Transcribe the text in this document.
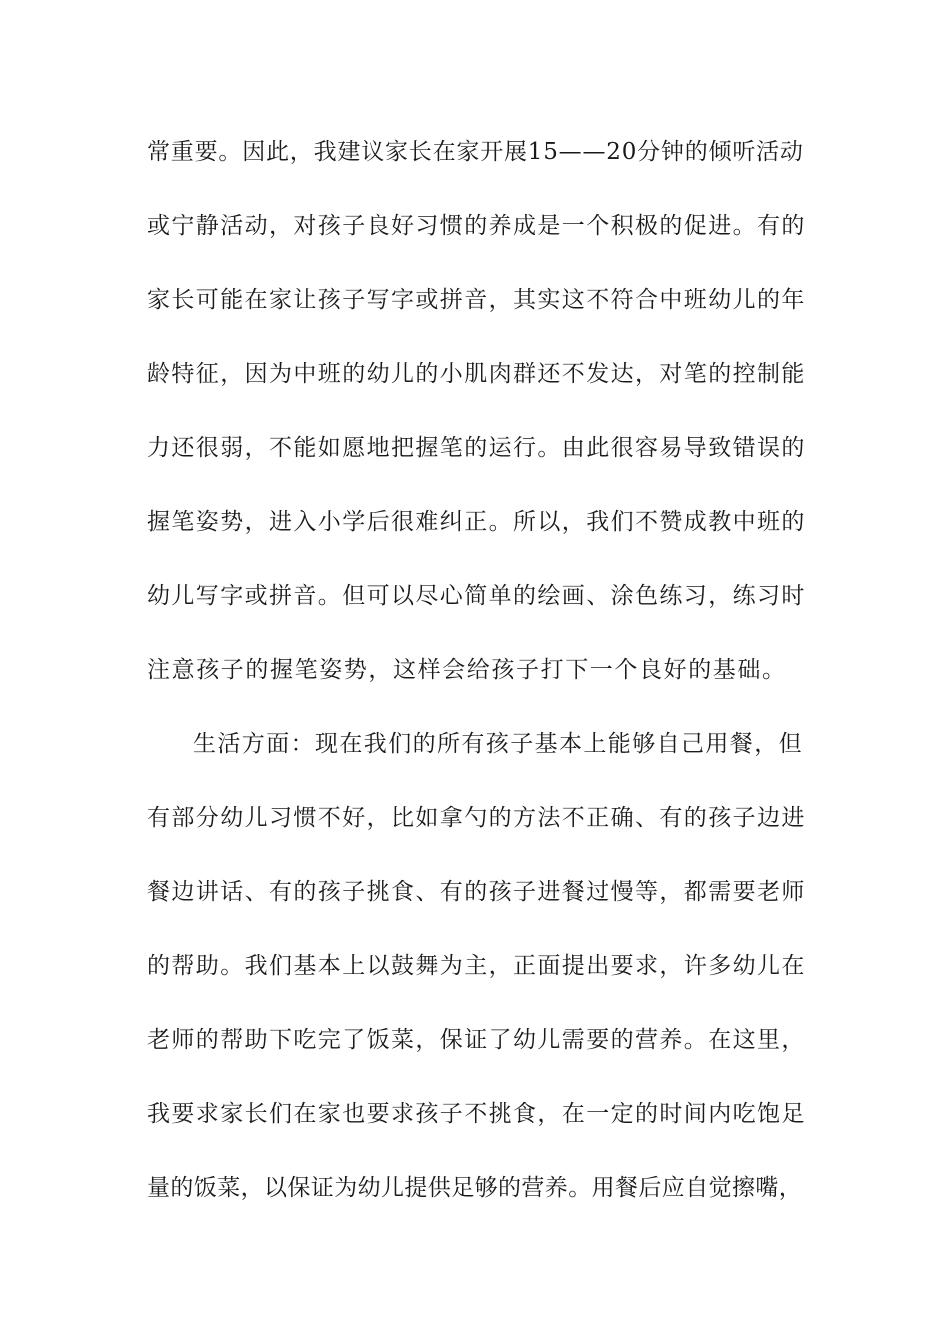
常重要。因此，我建议家长在家开展15——20分钟的倾听活动
或宁静活动，对孩子良好习惯的养成是一个积极的促进。有的
家长可能在家让孩子写字或拼音，其实这不符合中班幼儿的年
龄特征，因为中班的幼儿的小肌肉群还不发达，对笔的控制能
力还很弱，不能如愿地把握笔的运行。由此很容易导致错误的
握笔姿势，进入小学后很难纠正。所以，我们不赞成教中班的
幼儿写字或拼音。但可以尽心简单的绘画、涂色练习，练习时
注意孩子的握笔姿势，这样会给孩子打下一个良好的基础。
生活方面：现在我们的所有孩子基本上能够自己用餐，但
有部分幼儿习惯不好，比如拿勺的方法不正确、有的孩子边进
餐边讲话、有的孩子挑食、有的孩子进餐过慢等，都需要老师
的帮助。我们基本上以鼓舞为主，正面提出要求，许多幼儿在
老师的帮助下吃完了饭菜，保证了幼儿需要的营养。在这里，
我要求家长们在家也要求孩子不挑食，在一定的时间内吃饱足
量的饭菜，以保证为幼儿提供足够的营养。用餐后应自觉擦嘴，
